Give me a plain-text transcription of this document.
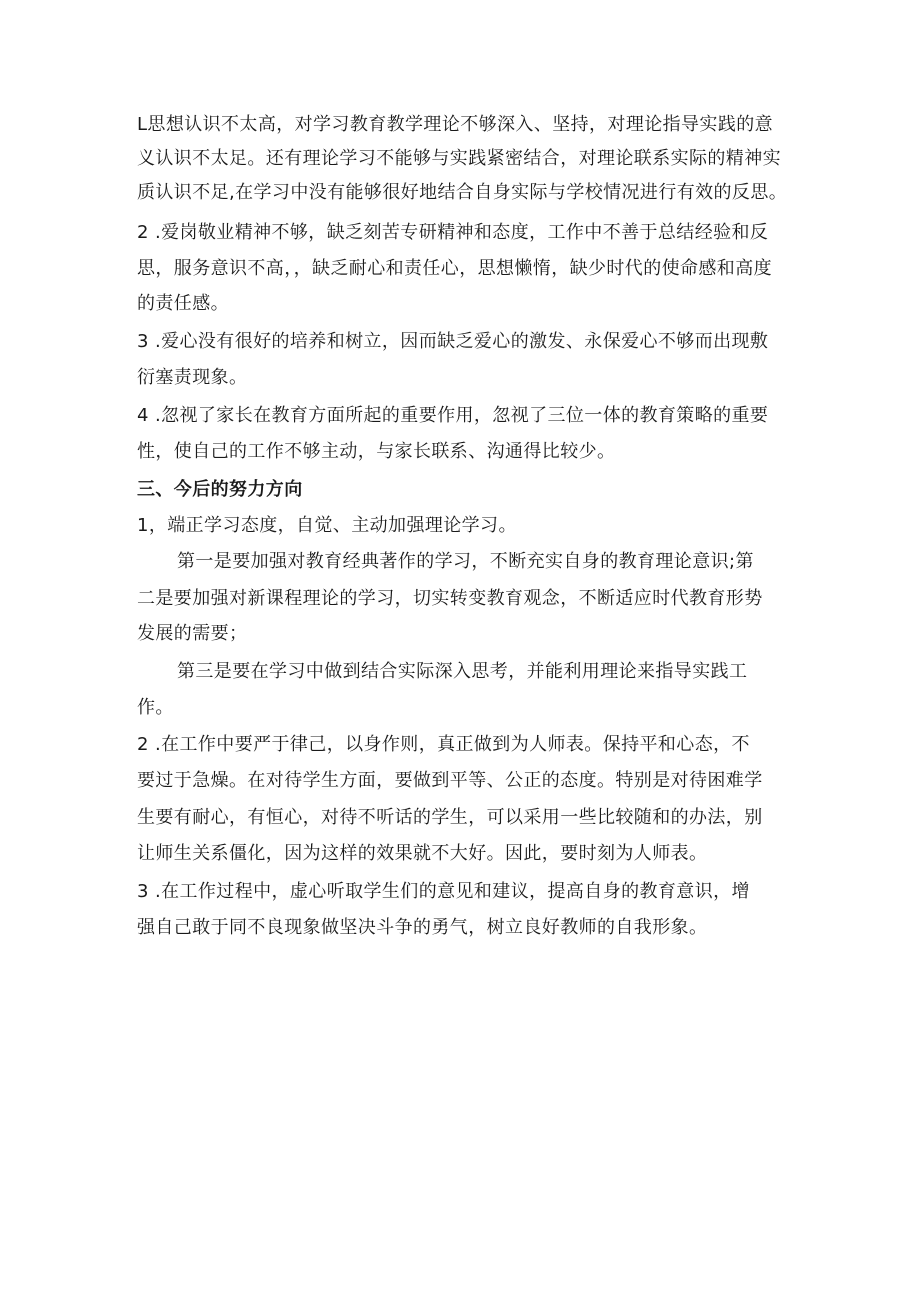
L思想认识不太高，对学习教育教学理论不够深入、坚持，对理论指导实践的意
义认识不太足。还有理论学习不能够与实践紧密结合，对理论联系实际的精神实
质认识不足,在学习中没有能够很好地结合自身实际与学校情况进行有效的反思。
2 .爱岗敬业精神不够，缺乏刻苦专研精神和态度，工作中不善于总结经验和反
思，服务意识不高，，缺乏耐心和责任心，思想懒惰，缺少时代的使命感和高度
的责任感。
3 .爱心没有很好的培养和树立，因而缺乏爱心的激发、永保爱心不够而出现敷
衍塞责现象。
4 .忽视了家长在教育方面所起的重要作用，忽视了三位一体的教育策略的重要
性，使自己的工作不够主动，与家长联系、沟通得比较少。
三、今后的努力方向
1，端正学习态度，自觉、主动加强理论学习。
第一是要加强对教育经典著作的学习，不断充实自身的教育理论意识;第
二是要加强对新课程理论的学习，切实转变教育观念，不断适应时代教育形势
发展的需要；
第三是要在学习中做到结合实际深入思考，并能利用理论来指导实践工
作。
2 .在工作中要严于律己，以身作则，真正做到为人师表。保持平和心态，不
要过于急燥。在对待学生方面，要做到平等、公正的态度。特别是对待困难学
生要有耐心，有恒心，对待不听话的学生，可以采用一些比较随和的办法，别
让师生关系僵化，因为这样的效果就不大好。因此，要时刻为人师表。
3 .在工作过程中，虚心听取学生们的意见和建议，提高自身的教育意识，增
强自己敢于同不良现象做坚决斗争的勇气，树立良好教师的自我形象。
